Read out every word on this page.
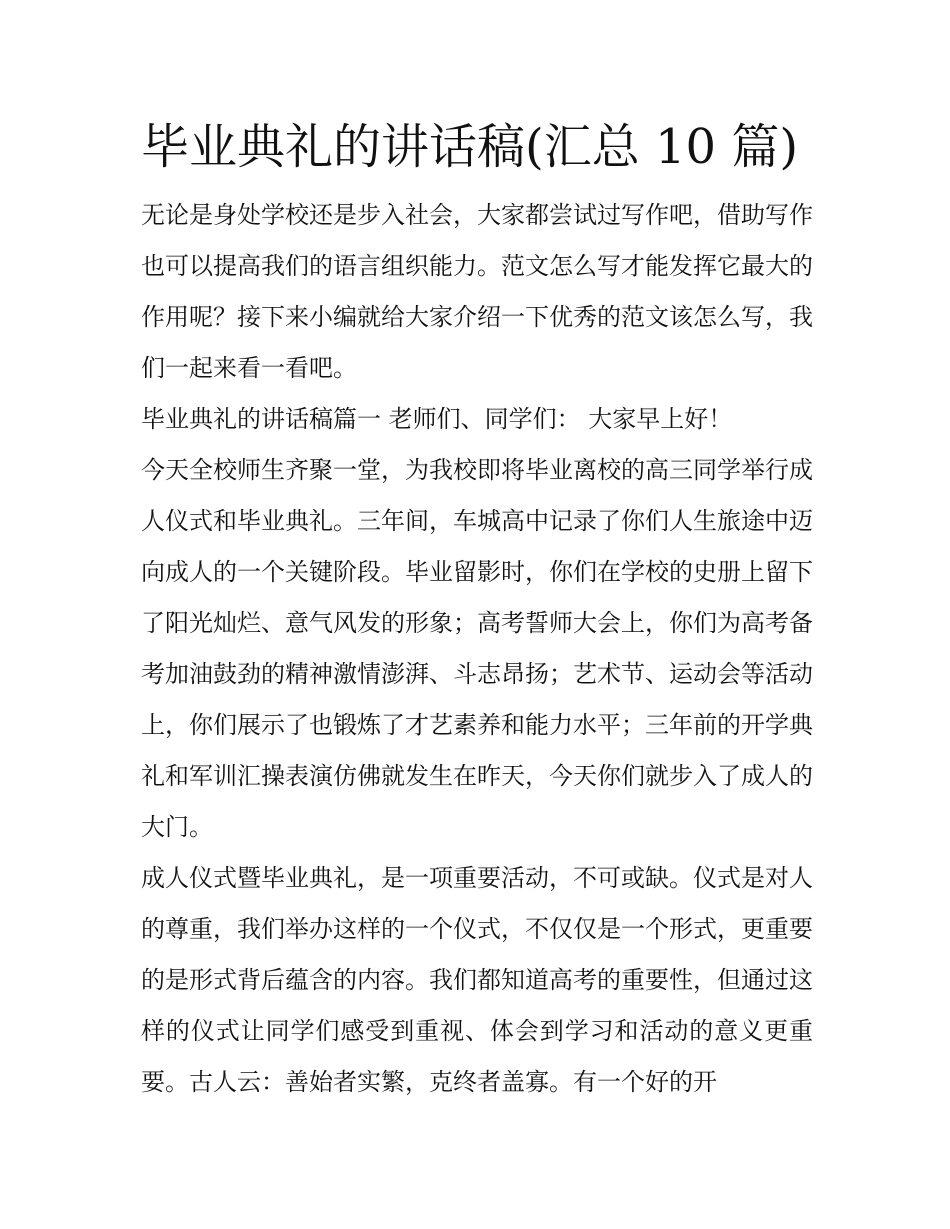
毕业典礼的讲话稿(汇总 10 篇)

无论是身处学校还是步入社会，大家都尝试过写作吧，借助写作也可以提高我们的语言组织能力。范文怎么写才能发挥它最大的作用呢？接下来小编就给大家介绍一下优秀的范文该怎么写，我们一起来看一看吧。

毕业典礼的讲话稿篇一 老师们、同学们： 大家早上好！

今天全校师生齐聚一堂，为我校即将毕业离校的高三同学举行成人仪式和毕业典礼。三年间，车城高中记录了你们人生旅途中迈向成人的一个关键阶段。毕业留影时，你们在学校的史册上留下了阳光灿烂、意气风发的形象；高考誓师大会上，你们为高考备考加油鼓劲的精神激情澎湃、斗志昂扬；艺术节、运动会等活动上，你们展示了也锻炼了才艺素养和能力水平；三年前的开学典礼和军训汇操表演仿佛就发生在昨天，今天你们就步入了成人的大门。

成人仪式暨毕业典礼，是一项重要活动，不可或缺。仪式是对人的尊重，我们举办这样的一个仪式，不仅仅是一个形式，更重要的是形式背后蕴含的内容。我们都知道高考的重要性，但通过这样的仪式让同学们感受到重视、体会到学习和活动的意义更重要。古人云：善始者实繁，克终者盖寡。有一个好的开
